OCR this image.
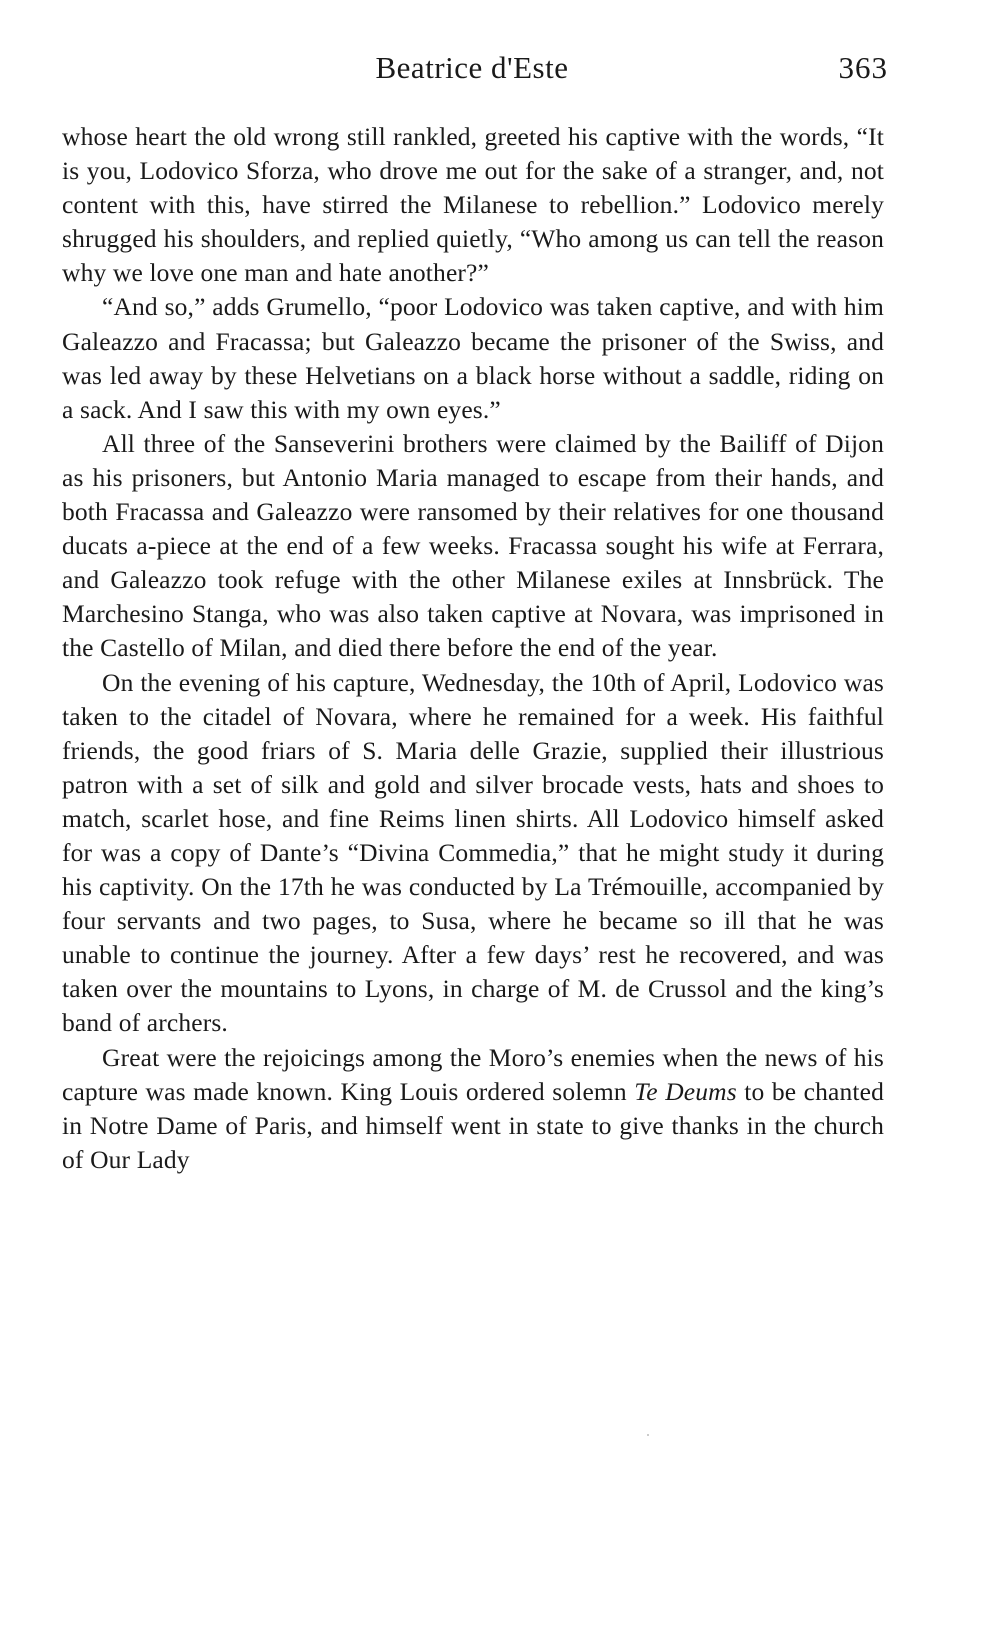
Beatrice d'Este	363

whose heart the old wrong still rankled, greeted his captive with the words, “It is you, Lodovico Sforza, who drove me out for the sake of a stranger, and, not content with this, have stirred the Milanese to rebellion.” Lodovico merely shrugged his shoulders, and replied quietly, “Who among us can tell the reason why we love one man and hate another?”

“And so,” adds Grumello, “poor Lodovico was taken captive, and with him Galeazzo and Fracassa; but Galeazzo became the prisoner of the Swiss, and was led away by these Helvetians on a black horse without a saddle, riding on a sack. And I saw this with my own eyes.”

All three of the Sanseverini brothers were claimed by the Bailiff of Dijon as his prisoners, but Antonio Maria managed to escape from their hands, and both Fracassa and Galeazzo were ransomed by their relatives for one thousand ducats a-piece at the end of a few weeks. Fracassa sought his wife at Ferrara, and Galeazzo took refuge with the other Milanese exiles at Innsbrück. The Marchesino Stanga, who was also taken captive at Novara, was imprisoned in the Castello of Milan, and died there before the end of the year.

On the evening of his capture, Wednesday, the 10th of April, Lodovico was taken to the citadel of Novara, where he remained for a week. His faithful friends, the good friars of S. Maria delle Grazie, supplied their illustrious patron with a set of silk and gold and silver brocade vests, hats and shoes to match, scarlet hose, and fine Reims linen shirts. All Lodovico himself asked for was a copy of Dante’s “Divina Commedia,” that he might study it during his captivity. On the 17th he was conducted by La Trémouille, accompanied by four servants and two pages, to Susa, where he became so ill that he was unable to continue the journey. After a few days’ rest he recovered, and was taken over the mountains to Lyons, in charge of M. de Crussol and the king’s band of archers.

Great were the rejoicings among the Moro’s enemies when the news of his capture was made known. King Louis ordered solemn Te Deums to be chanted in Notre Dame of Paris, and himself went in state to give thanks in the church of Our Lady
